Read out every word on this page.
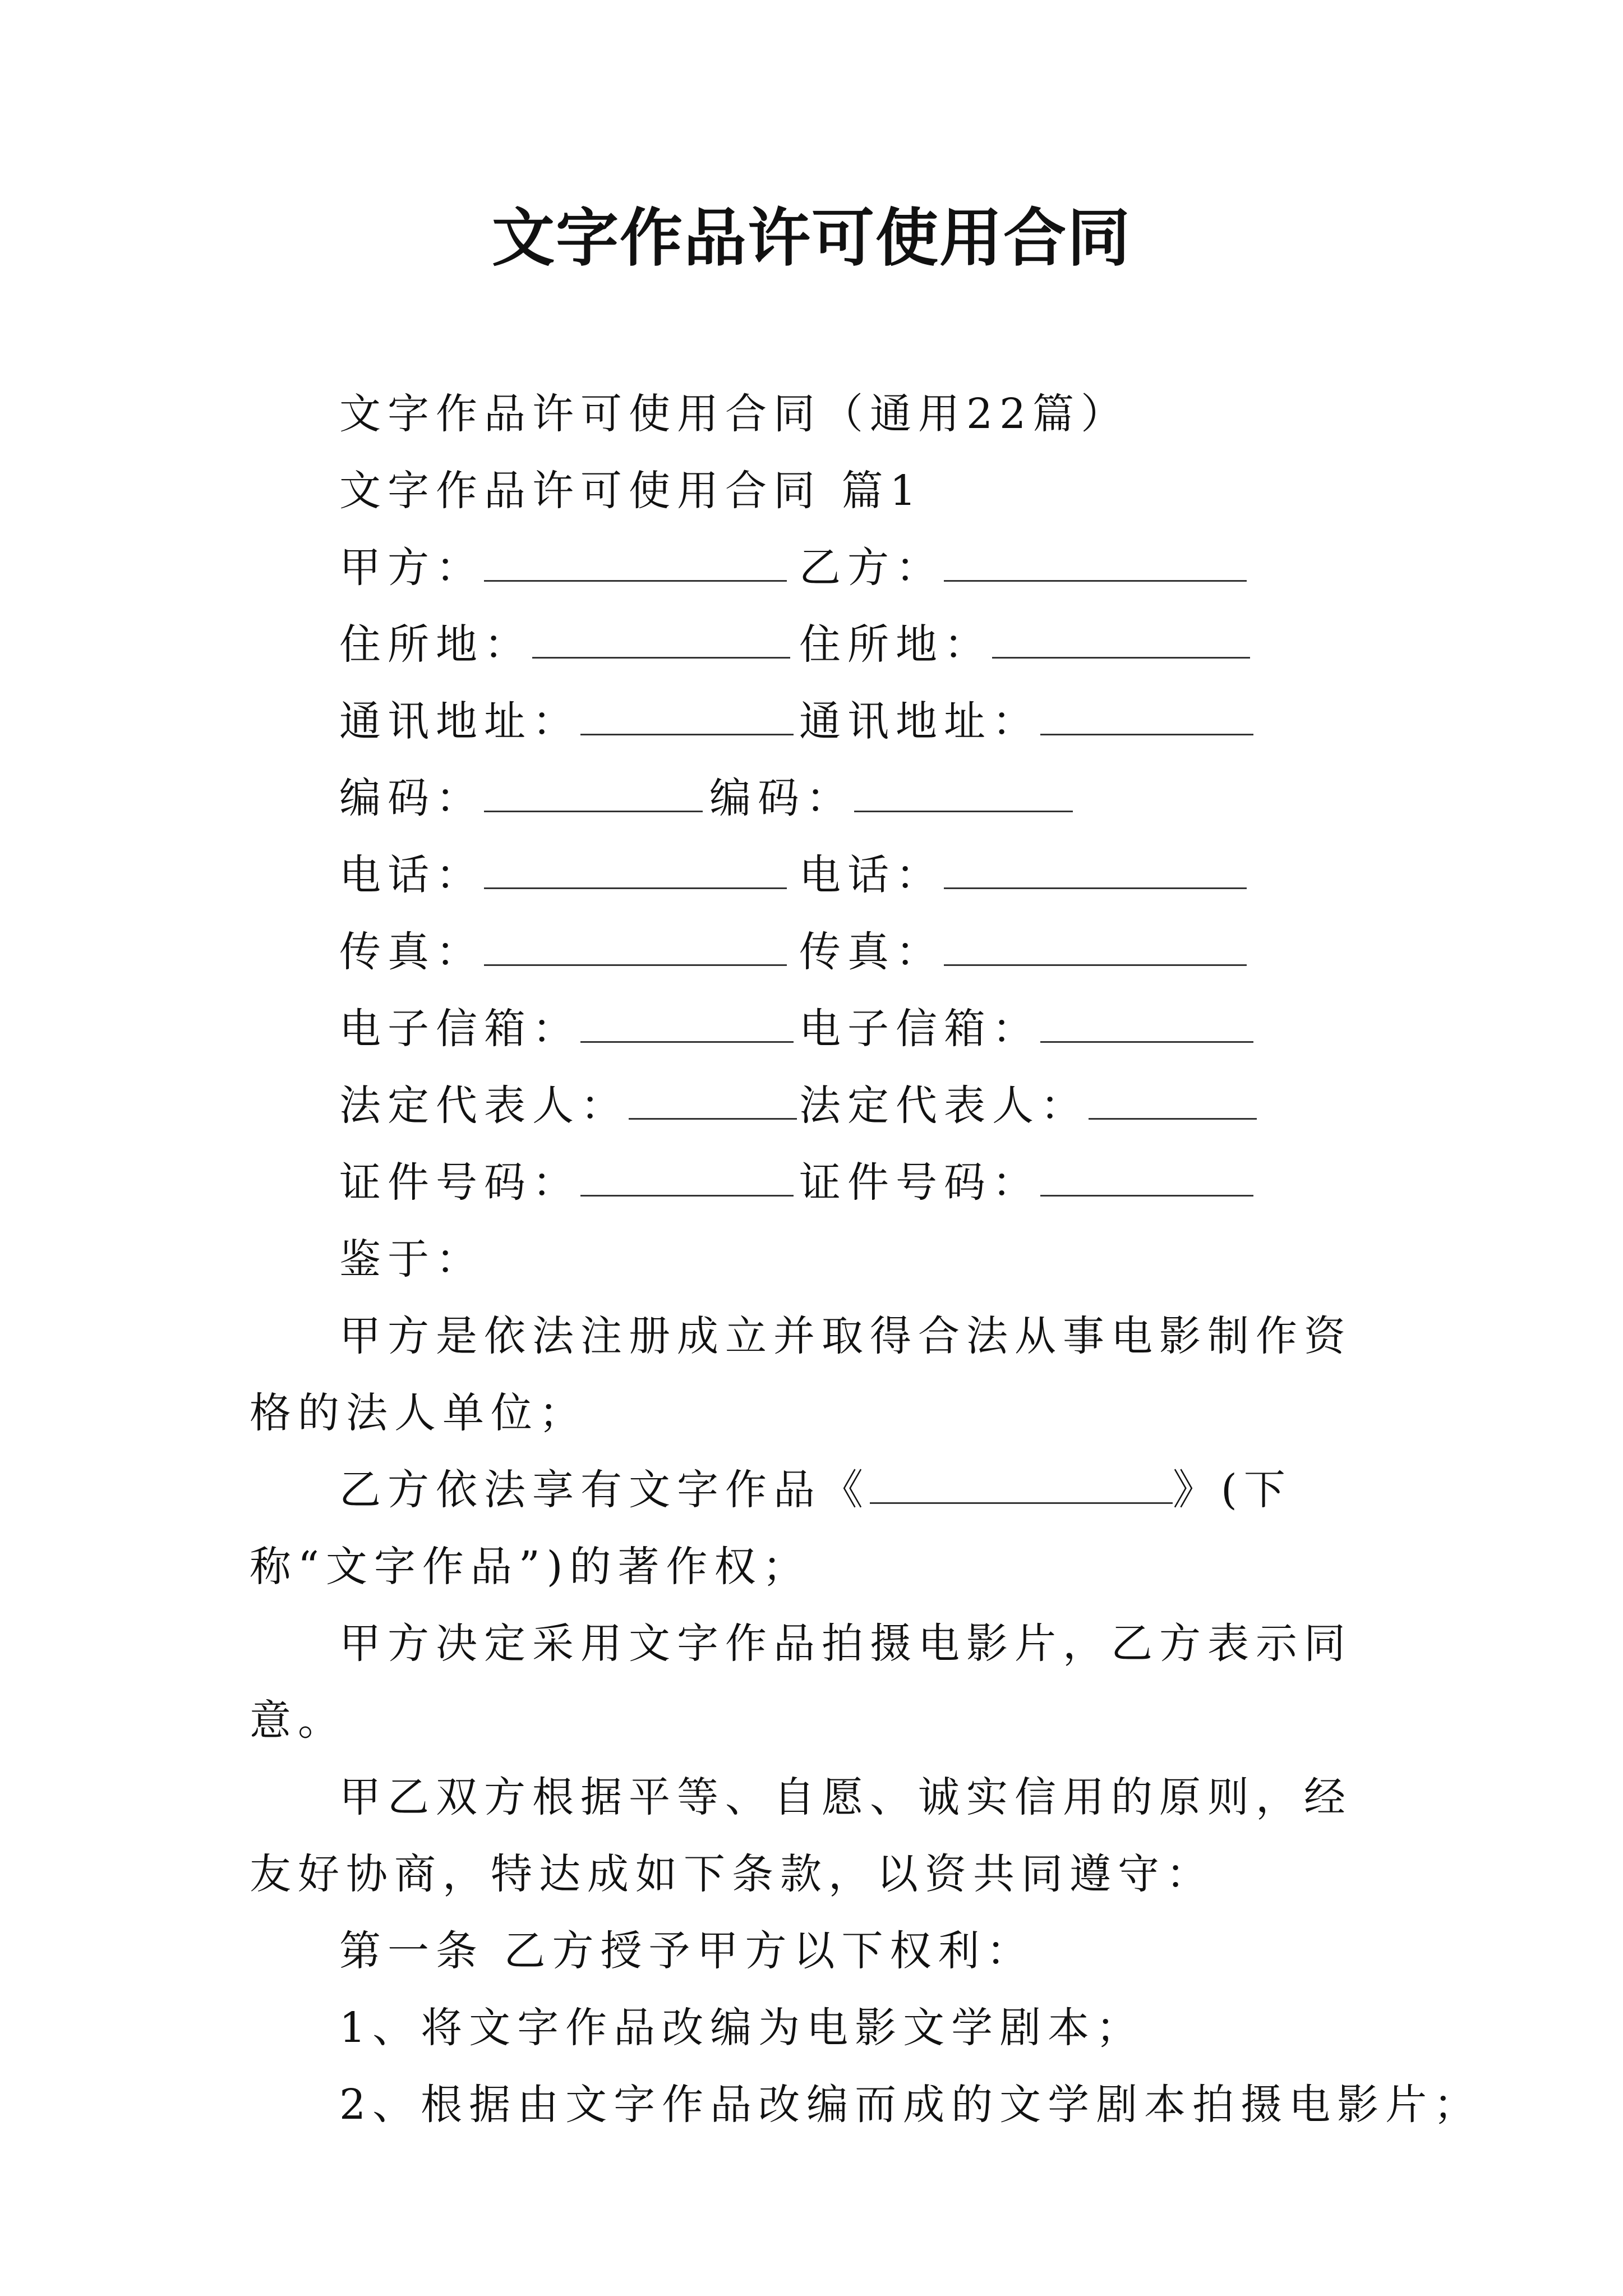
文字作品许可使用合同
文字作品许可使用合同（通用22篇）
文字作品许可使用合同 篇1
甲方：	乙方：
住所地：	住所地：
通讯地址：	通讯地址：
编码：	编码：
电话：	电话：
传真：	传真：
电子信箱：	电子信箱：
法定代表人：	法定代表人：
证件号码：	证件号码：
鉴于：
甲方是依法注册成立并取得合法从事电影制作资格的法人单位；
乙方依法享有文字作品《	》(下称“文字作品”)的著作权；
甲方决定采用文字作品拍摄电影片，乙方表示同意。
甲乙双方根据平等、自愿、诚实信用的原则，经友好协商，特达成如下条款，以资共同遵守：
第一条 乙方授予甲方以下权利：
1、将文字作品改编为电影文学剧本；
2、根据由文字作品改编而成的文学剧本拍摄电影片；
